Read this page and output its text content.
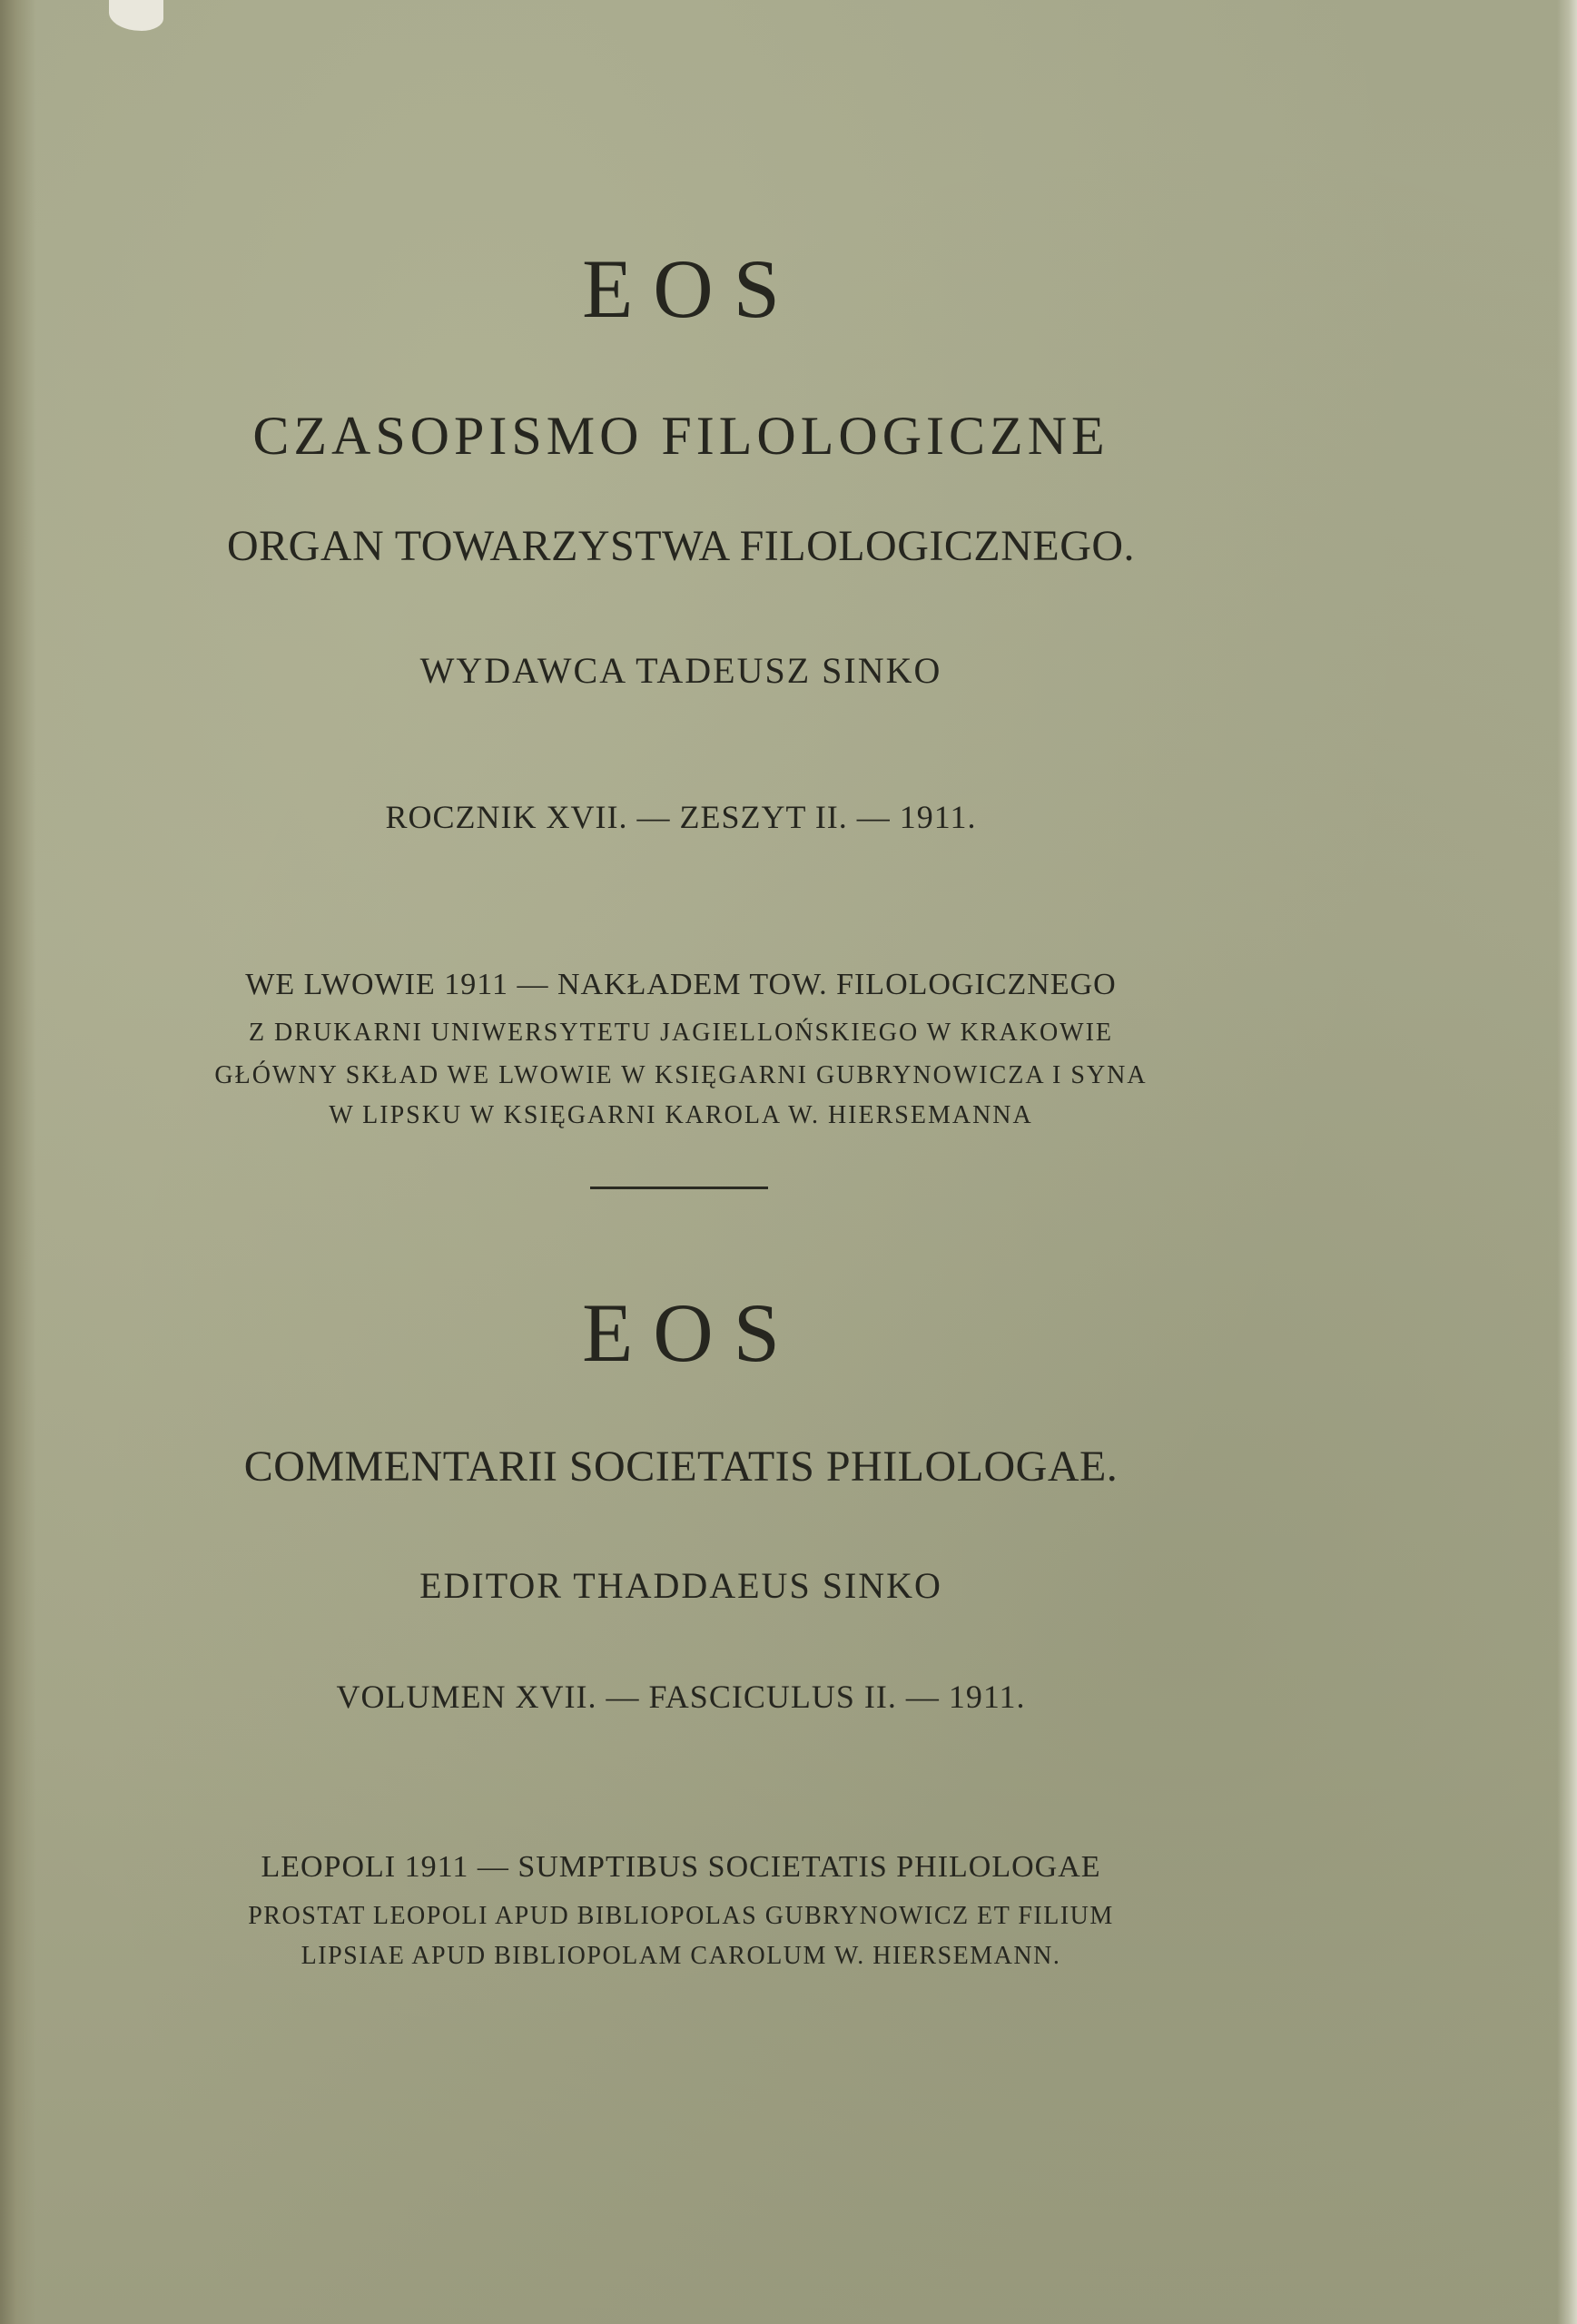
EOS
CZASOPISMO FILOLOGICZNE
ORGAN TOWARZYSTWA FILOLOGICZNEGO.
WYDAWCA TADEUSZ SINKO
ROCZNIK XVII. — ZESZYT II. — 1911.
WE LWOWIE 1911 — NAKŁADEM TOW. FILOLOGICZNEGO
Z DRUKARNI UNIWERSYTETU JAGIELLOŃSKIEGO W KRAKOWIE
GŁÓWNY SKŁAD WE LWOWIE W KSIĘGARNI GUBRYNOWICZA I SYNA
W LIPSKU W KSIĘGARNI KAROLA W. HIERSEMANNA
EOS
COMMENTARII SOCIETATIS PHILOLOGAE.
EDITOR THADDAEUS SINKO
VOLUMEN XVII. — FASCICULUS II. — 1911.
LEOPOLI 1911 — SUMPTIBUS SOCIETATIS PHILOLOGAE
PROSTAT LEOPOLI APUD BIBLIOPOLAS GUBRYNOWICZ ET FILIUM
LIPSIAE APUD BIBLIOPOLAM CAROLUM W. HIERSEMANN.
